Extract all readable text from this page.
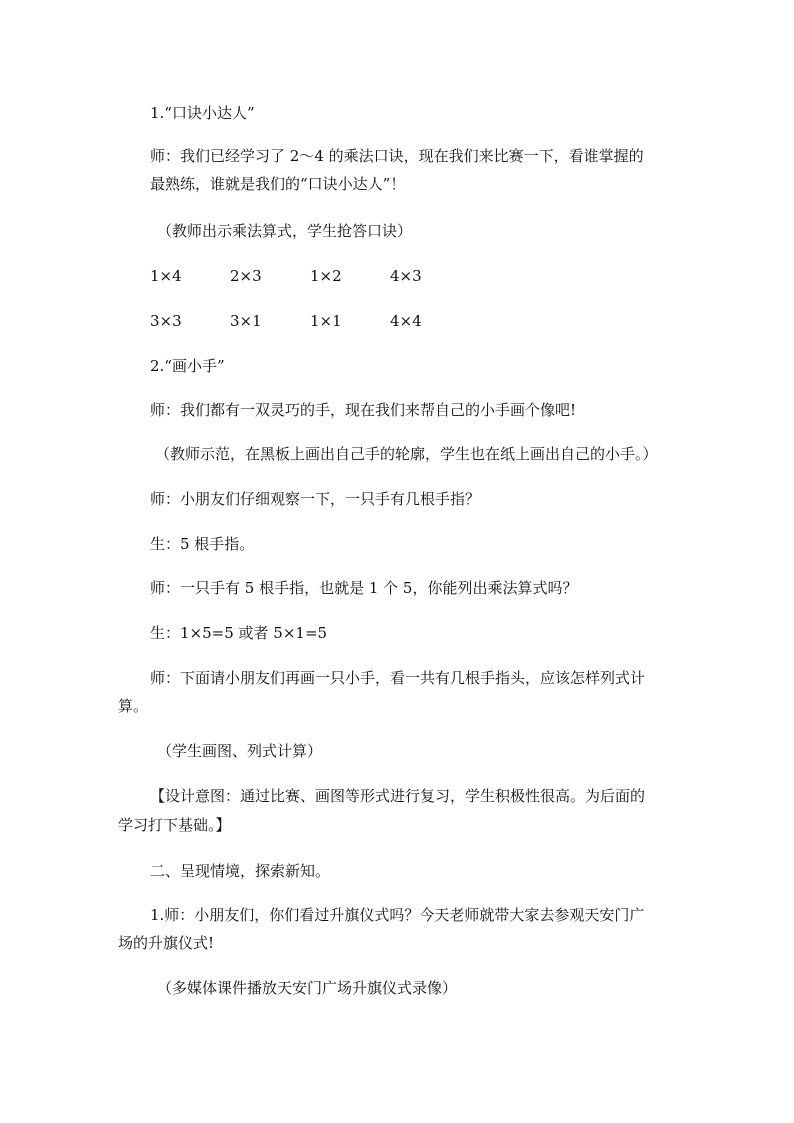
1.“口诀小达人”

师：我们已经学习了 2～4 的乘法口诀，现在我们来比赛一下，看谁掌握的

最熟练，谁就是我们的“口诀小达人”！

（教师出示乘法算式，学生抢答口诀）

1×4	2×3	1×2	4×3
3×3	3×1	1×1	4×4

2.“画小手”

师：我们都有一双灵巧的手，现在我们来帮自己的小手画个像吧!

（教师示范，在黑板上画出自己手的轮廓，学生也在纸上画出自己的小手。）

师：小朋友们仔细观察一下，一只手有几根手指？

生：5 根手指。

师：一只手有 5 根手指，也就是 1 个 5，你能列出乘法算式吗？

生：1×5=5 或者 5×1=5

师：下面请小朋友们再画一只小手，看一共有几根手指头，应该怎样列式计

算。

（学生画图、列式计算）

【设计意图：通过比赛、画图等形式进行复习，学生积极性很高。为后面的

学习打下基础。】

二、呈现情境，探索新知。

1.师：小朋友们，你们看过升旗仪式吗？今天老师就带大家去参观天安门广

场的升旗仪式!

（多媒体课件播放天安门广场升旗仪式录像）
